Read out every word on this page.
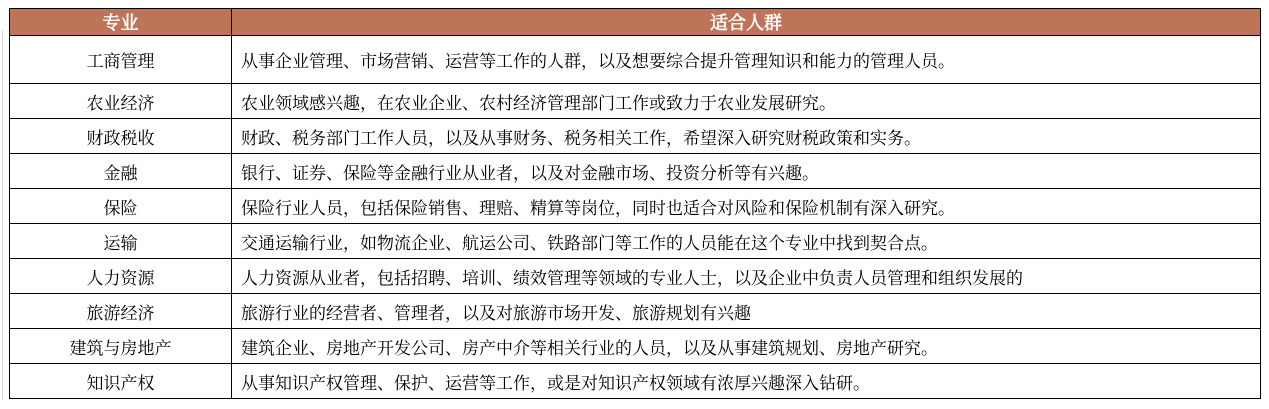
专业	适合人群
工商管理	从事企业管理、市场营销、运营等工作的人群，以及想要综合提升管理知识和能力的管理人员。
农业经济	农业领域感兴趣，在农业企业、农村经济管理部门工作或致力于农业发展研究。
财政税收	财政、税务部门工作人员，以及从事财务、税务相关工作，希望深入研究财税政策和实务。
金融	银行、证券、保险等金融行业从业者，以及对金融市场、投资分析等有兴趣。
保险	保险行业人员，包括保险销售、理赔、精算等岗位，同时也适合对风险和保险机制有深入研究。
运输	交通运输行业，如物流企业、航运公司、铁路部门等工作的人员能在这个专业中找到契合点。
人力资源	人力资源从业者，包括招聘、培训、绩效管理等领域的专业人士，以及企业中负责人员管理和组织发展的
旅游经济	旅游行业的经营者、管理者，以及对旅游市场开发、旅游规划有兴趣
建筑与房地产	建筑企业、房地产开发公司、房产中介等相关行业的人员，以及从事建筑规划、房地产研究。
知识产权	从事知识产权管理、保护、运营等工作，或是对知识产权领域有浓厚兴趣深入钻研。
